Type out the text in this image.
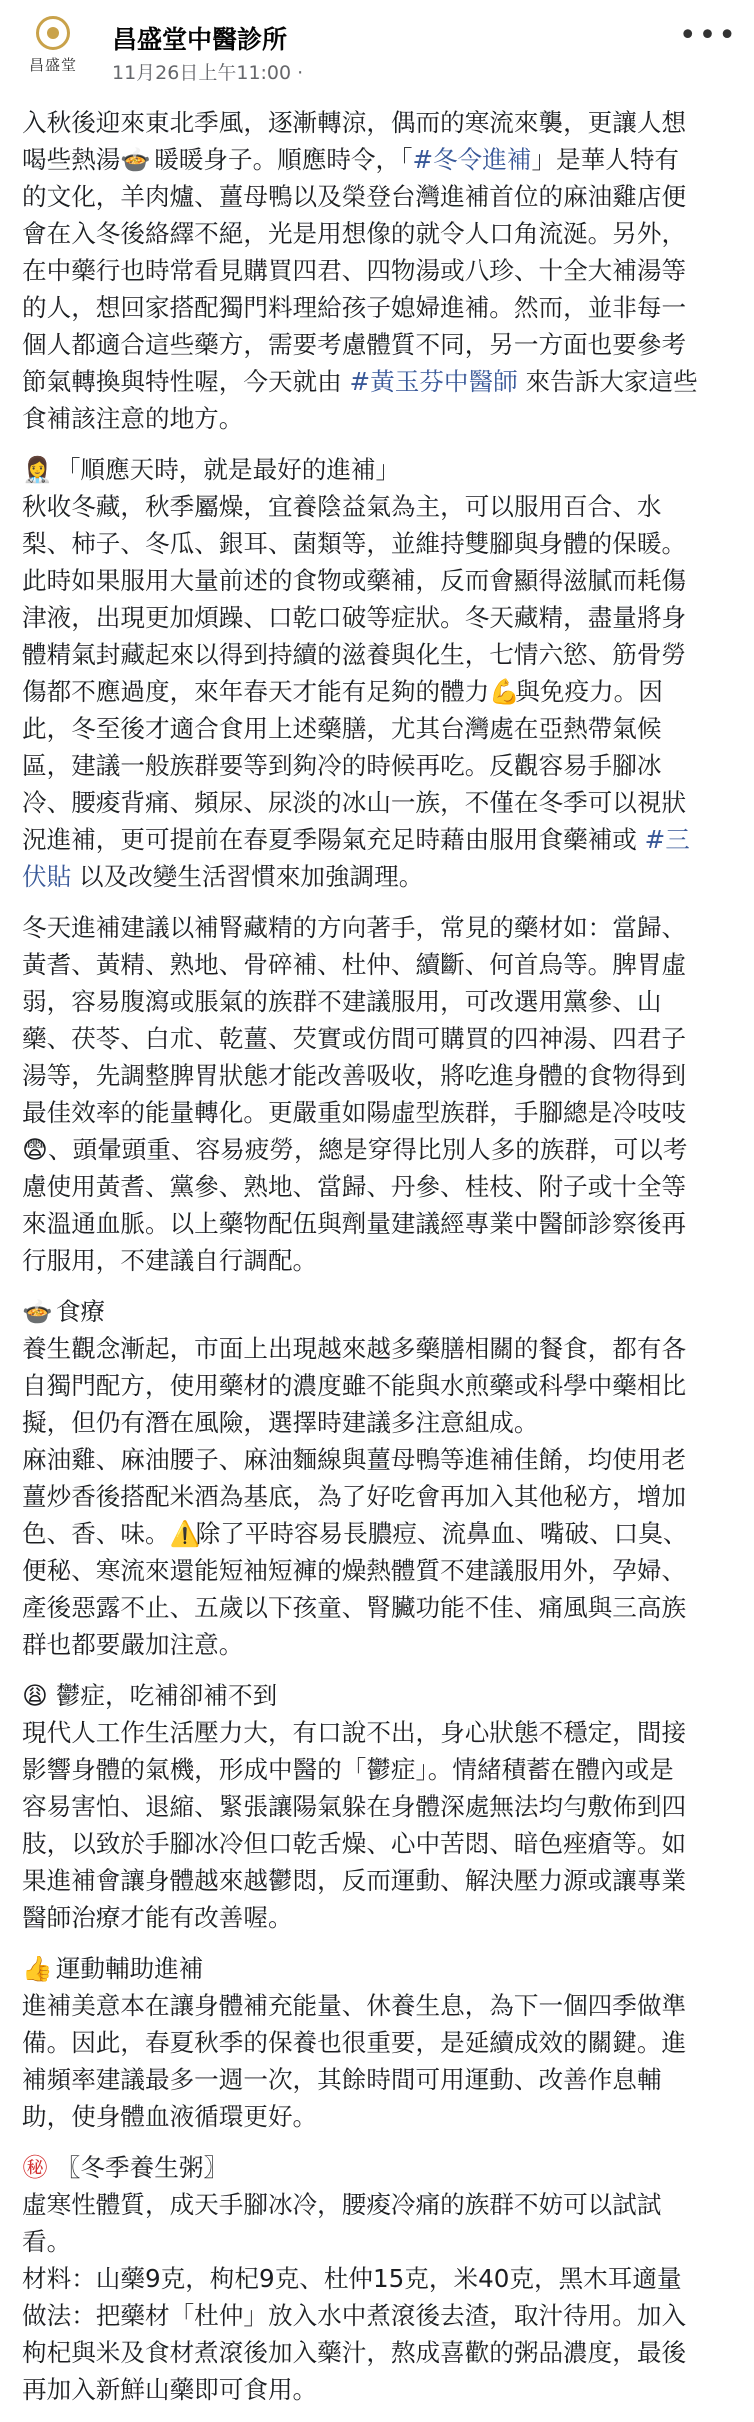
昌盛堂
昌盛堂中醫診所
11月26日上午11:00 ·
•••
入秋後迎來東北季風，逐漸轉涼，偶而的寒流來襲，更讓人想
喝些熱湯🍲 暖暖身子。順應時令，「#冬令進補」是華人特有
的文化，羊肉爐、薑母鴨以及榮登台灣進補首位的麻油雞店便
會在入冬後絡繹不絕，光是用想像的就令人口角流涎。另外，
在中藥行也時常看見購買四君、四物湯或八珍、十全大補湯等
的人，想回家搭配獨門料理給孩子媳婦進補。然而，並非每一
個人都適合這些藥方，需要考慮體質不同，另一方面也要參考
節氣轉換與特性喔，今天就由 #黃玉芬中醫師 來告訴大家這些
食補該注意的地方。
👩‍⚕️ 「順應天時，就是最好的進補」
秋收冬藏，秋季屬燥，宜養陰益氣為主，可以服用百合、水
梨、柿子、冬瓜、銀耳、菌類等，並維持雙腳與身體的保暖。
此時如果服用大量前述的食物或藥補，反而會顯得滋膩而耗傷
津液，出現更加煩躁、口乾口破等症狀。冬天藏精，盡量將身
體精氣封藏起來以得到持續的滋養與化生，七情六慾、筋骨勞
傷都不應過度，來年春天才能有足夠的體力💪與免疫力。因
此，冬至後才適合食用上述藥膳，尤其台灣處在亞熱帶氣候
區，建議一般族群要等到夠冷的時候再吃。反觀容易手腳冰
冷、腰痠背痛、頻尿、尿淡的冰山一族，不僅在冬季可以視狀
況進補，更可提前在春夏季陽氣充足時藉由服用食藥補或 #三
伏貼 以及改變生活習慣來加強調理。
冬天進補建議以補腎藏精的方向著手，常見的藥材如：當歸、
黃耆、黃精、熟地、骨碎補、杜仲、續斷、何首烏等。脾胃虛
弱，容易腹瀉或脹氣的族群不建議服用，可改選用黨參、山
藥、茯苓、白朮、乾薑、芡實或仿間可購買的四神湯、四君子
湯等，先調整脾胃狀態才能改善吸收，將吃進身體的食物得到
最佳效率的能量轉化。更嚴重如陽虛型族群，手腳總是冷吱吱
😨、頭暈頭重、容易疲勞，總是穿得比別人多的族群，可以考
慮使用黃耆、黨參、熟地、當歸、丹參、桂枝、附子或十全等
來溫通血脈。以上藥物配伍與劑量建議經專業中醫師診察後再
行服用，不建議自行調配。
🍲 食療
養生觀念漸起，市面上出現越來越多藥膳相關的餐食，都有各
自獨門配方，使用藥材的濃度雖不能與水煎藥或科學中藥相比
擬，但仍有潛在風險，選擇時建議多注意組成。
麻油雞、麻油腰子、麻油麵線與薑母鴨等進補佳餚，均使用老
薑炒香後搭配米酒為基底，為了好吃會再加入其他秘方，增加
色、香、味。⚠️除了平時容易長膿痘、流鼻血、嘴破、口臭、
便秘、寒流來還能短袖短褲的燥熱體質不建議服用外，孕婦、
產後惡露不止、五歲以下孩童、腎臟功能不佳、痛風與三高族
群也都要嚴加注意。
😩 鬱症，吃補卻補不到
現代人工作生活壓力大，有口說不出，身心狀態不穩定，間接
影響身體的氣機，形成中醫的「鬱症」。情緒積蓄在體內或是
容易害怕、退縮、緊張讓陽氣躲在身體深處無法均勻敷佈到四
肢，以致於手腳冰冷但口乾舌燥、心中苦悶、暗色痤瘡等。如
果進補會讓身體越來越鬱悶，反而運動、解決壓力源或讓專業
醫師治療才能有改善喔。
👍 運動輔助進補
進補美意本在讓身體補充能量、休養生息，為下一個四季做準
備。因此，春夏秋季的保養也很重要，是延續成效的關鍵。進
補頻率建議最多一週一次，其餘時間可用運動、改善作息輔
助，使身體血液循環更好。
㊙ 〖冬季養生粥〗
虛寒性體質，成天手腳冰冷，腰痠冷痛的族群不妨可以試試
看。
材料：山藥9克，枸杞9克、杜仲15克，米40克，黑木耳適量
做法：把藥材「杜仲」放入水中煮滾後去渣，取汁待用。加入
枸杞與米及食材煮滾後加入藥汁，熬成喜歡的粥品濃度，最後
再加入新鮮山藥即可食用。
